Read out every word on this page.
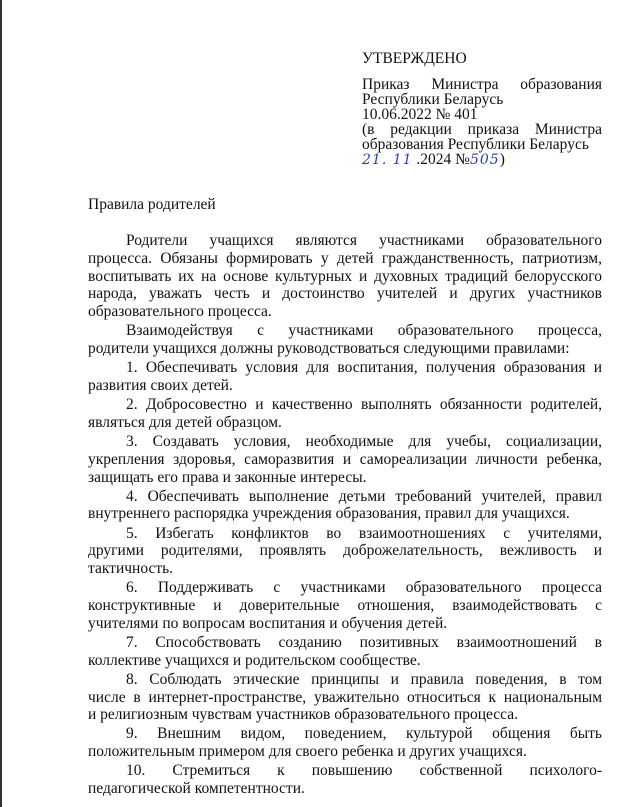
УТВЕРЖДЕНО
Приказ Министра образования
Республики Беларусь
10.06.2022 № 401
(в редакции приказа Министра
образования Республики Беларусь
21. 11 .2024 №505)
Правила родителей
Родители учащихся являются участниками образовательного
процесса. Обязаны формировать у детей гражданственность, патриотизм,
воспитывать их на основе культурных и духовных традиций белорусского
народа, уважать честь и достоинство учителей и других участников
образовательного процесса.
Взаимодействуя с участниками образовательного процесса,
родители учащихся должны руководствоваться следующими правилами:
1. Обеспечивать условия для воспитания, получения образования и
развития своих детей.
2. Добросовестно и качественно выполнять обязанности родителей,
являться для детей образцом.
3. Создавать условия, необходимые для учебы, социализации,
укрепления здоровья, саморазвития и самореализации личности ребенка,
защищать его права и законные интересы.
4. Обеспечивать выполнение детьми требований учителей, правил
внутреннего распорядка учреждения образования, правил для учащихся.
5. Избегать конфликтов во взаимоотношениях с учителями,
другими родителями, проявлять доброжелательность, вежливость и
тактичность.
6. Поддерживать с участниками образовательного процесса
конструктивные и доверительные отношения, взаимодействовать с
учителями по вопросам воспитания и обучения детей.
7. Способствовать созданию позитивных взаимоотношений в
коллективе учащихся и родительском сообществе.
8. Соблюдать этические принципы и правила поведения, в том
числе в интернет-пространстве, уважительно относиться к национальным
и религиозным чувствам участников образовательного процесса.
9. Внешним видом, поведением, культурой общения быть
положительным примером для своего ребенка и других учащихся.
10. Стремиться к повышению собственной психолого-
педагогической компетентности.
